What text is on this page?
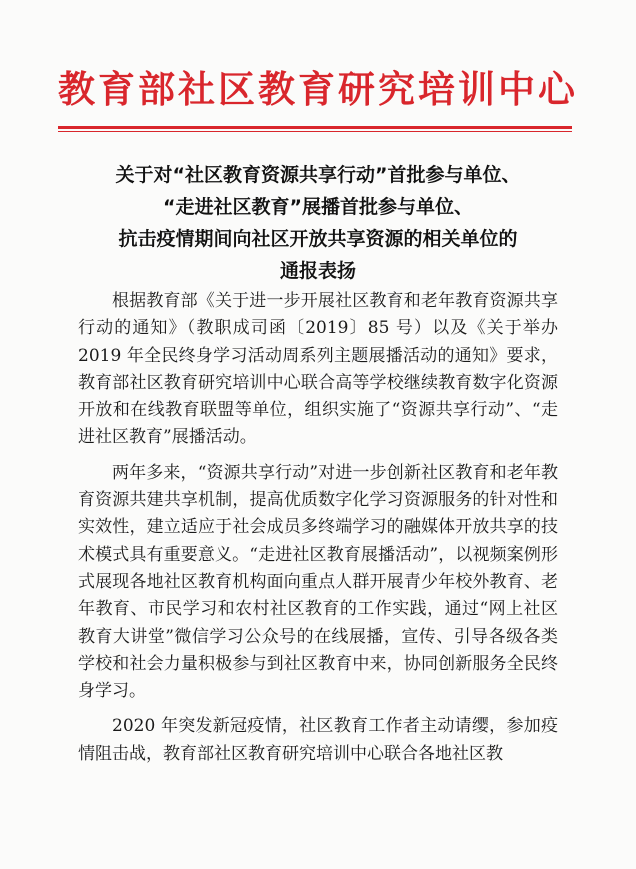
教育部社区教育研究培训中心
关于对“社区教育资源共享行动”首批参与单位、
“走进社区教育”展播首批参与单位、
抗击疫情期间向社区开放共享资源的相关单位的
通报表扬

根据教育部《关于进一步开展社区教育和老年教育资源共享行动的通知》（教职成司函〔2019〕85 号）以及《关于举办 2019 年全民终身学习活动周系列主题展播活动的通知》要求，教育部社区教育研究培训中心联合高等学校继续教育数字化资源开放和在线教育联盟等单位，组织实施了“资源共享行动”、“走进社区教育”展播活动。

两年多来，“资源共享行动”对进一步创新社区教育和老年教育资源共建共享机制，提高优质数字化学习资源服务的针对性和实效性，建立适应于社会成员多终端学习的融媒体开放共享的技术模式具有重要意义。“走进社区教育展播活动”，以视频案例形式展现各地社区教育机构面向重点人群开展青少年校外教育、老年教育、市民学习和农村社区教育的工作实践，通过“网上社区教育大讲堂”微信学习公众号的在线展播，宣传、引导各级各类学校和社会力量积极参与到社区教育中来，协同创新服务全民终身学习。

2020 年突发新冠疫情，社区教育工作者主动请缨，参加疫情阻击战，教育部社区教育研究培训中心联合各地社区教
